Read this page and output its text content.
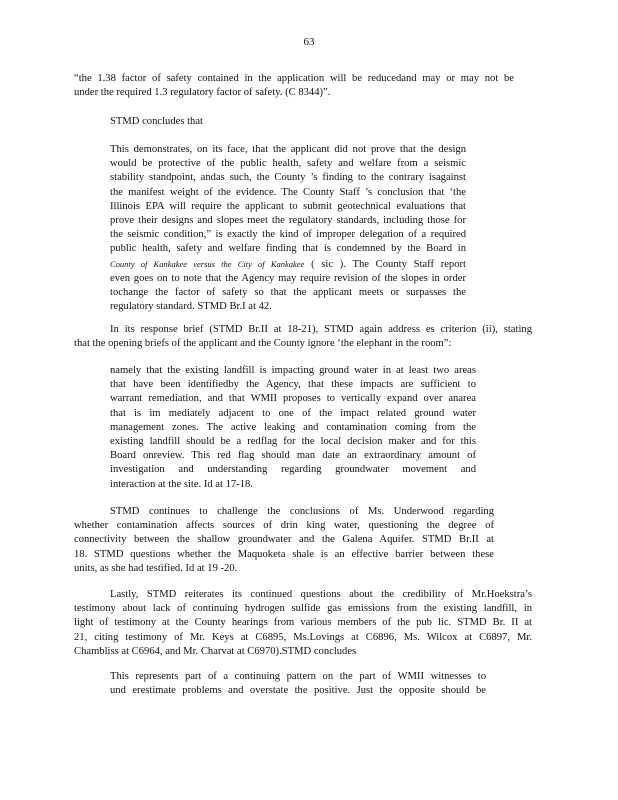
63
“the 1.38 factor of safety contained in the application will be reducedand may or may not be
under the required 1.3 regulatory factor of safety. (C 8344)”.
STMD concludes that
This demonstrates, on its face, that the applicant did not prove that the design
would be protective of the public health, safety and welfare from a seismic
stability standpoint, andas such, the County ’s finding to the contrary isagainst
the manifest weight of the evidence. The County Staff ’s conclusion that ‘the
Illinois EPA will require the applicant to submit geotechnical evaluations that
prove their designs and slopes meet the regulatory standards, including those for
the seismic condition,” is exactly the kind of improper delegation of a required
public health, safety and welfare finding that is condemned by the Board in
County of Kankakee versus the City of Kankakee ( sic ). The County Staff report
even goes on to note that the Agency may require revision of the slopes in order
tochange the factor of safety so that the applicant meets or surpasses the
regulatory standard. STMD Br.I at 42.
In its response brief (STMD Br.II at 18-21), STMD again address es criterion (ii), stating
that the opening briefs of the applicant and the County ignore ‘the elephant in the room”:
namely that the existing landfill is impacting ground water in at least two areas
that have been identifiedby the Agency, that these impacts are sufficient to
warrant remediation, and that WMII proposes to vertically expand over anarea
that is im mediately adjacent to one of the impact related ground water
management zones. The active leaking and contamination coming from the
existing landfill should be a redflag for the local decision maker and for this
Board onreview. This red flag should man date an extraordinary amount of
investigation and understanding regarding groundwater movement and
interaction at the site. Id at 17-18.
STMD continues to challenge the conclusions of Ms. Underwood regarding
whether contamination affects sources of drin king water, questioning the degree of
connectivity between the shallow groundwater and the Galena Aquifer. STMD Br.II at
18. STMD questions whether the Maquoketa shale is an effective barrier between these
units, as she had testified. Id at 19 -20.
Lastly, STMD reiterates its continued questions about the credibility of Mr.Hoekstra’s
testimony about lack of continuing hydrogen sulfide gas emissions from the existing landfill, in
light of testimony at the County hearings from various members of the pub lic. STMD Br. II at
21, citing testimony of Mr. Keys at C6895, Ms.Lovings at C6896, Ms. Wilcox at C6897, Mr.
Chambliss at C6964, and Mr. Charvat at C6970).STMD concludes
This represents part of a continuing pattern on the part of WMII witnesses to
und erestimate problems and overstate the positive. Just the opposite should be
